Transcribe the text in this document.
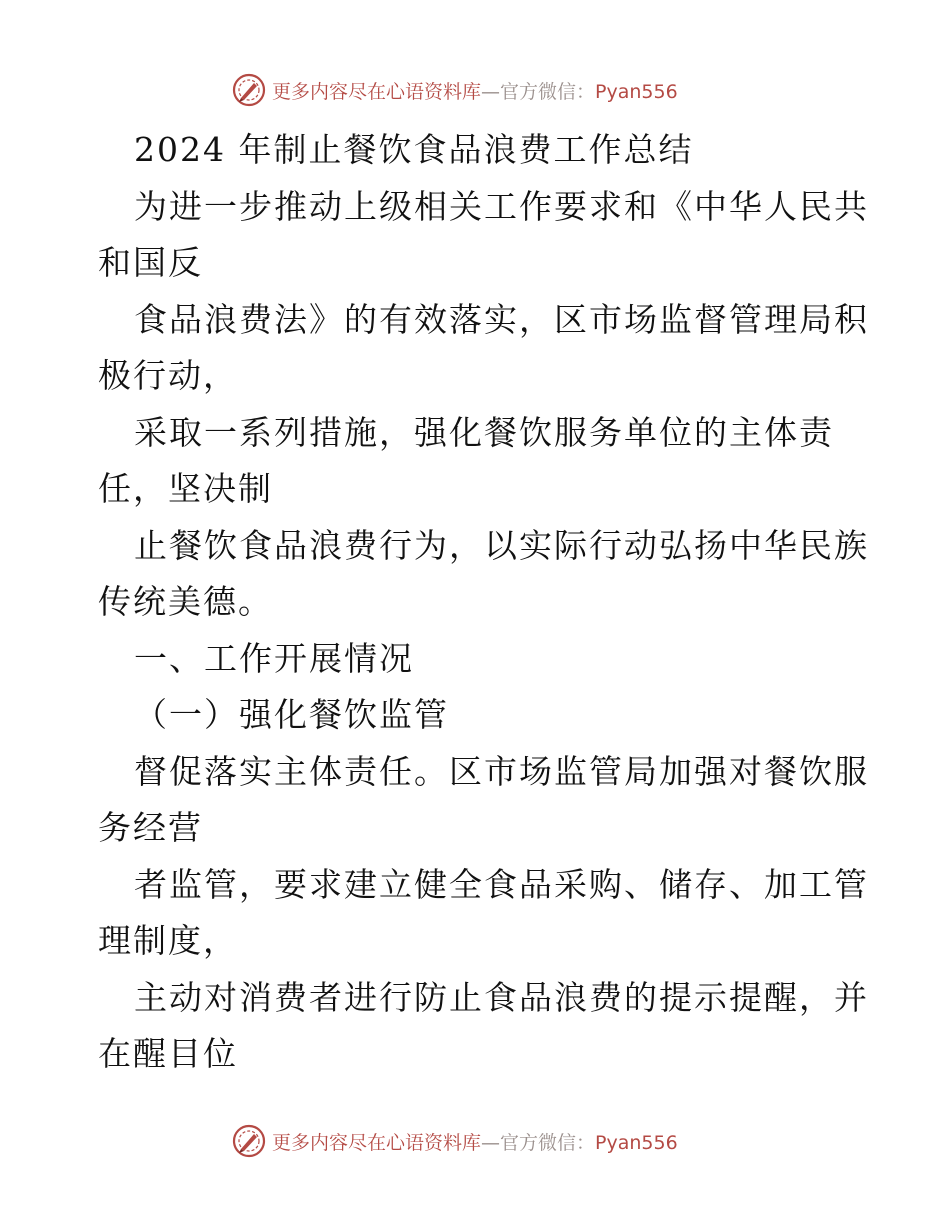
更多内容尽在心语资料库—官方微信：Pyan556
2024 年制止餐饮食品浪费工作总结
为进一步推动上级相关工作要求和《中华人民共
和国反
食品浪费法》的有效落实，区市场监督管理局积
极行动，
采取一系列措施，强化餐饮服务单位的主体责
任，坚决制
止餐饮食品浪费行为，以实际行动弘扬中华民族
传统美德。
一、工作开展情况
（一）强化餐饮监管
督促落实主体责任。区市场监管局加强对餐饮服
务经营
者监管，要求建立健全食品采购、储存、加工管
理制度，
主动对消费者进行防止食品浪费的提示提醒，并
在醒目位
更多内容尽在心语资料库—官方微信：Pyan556
